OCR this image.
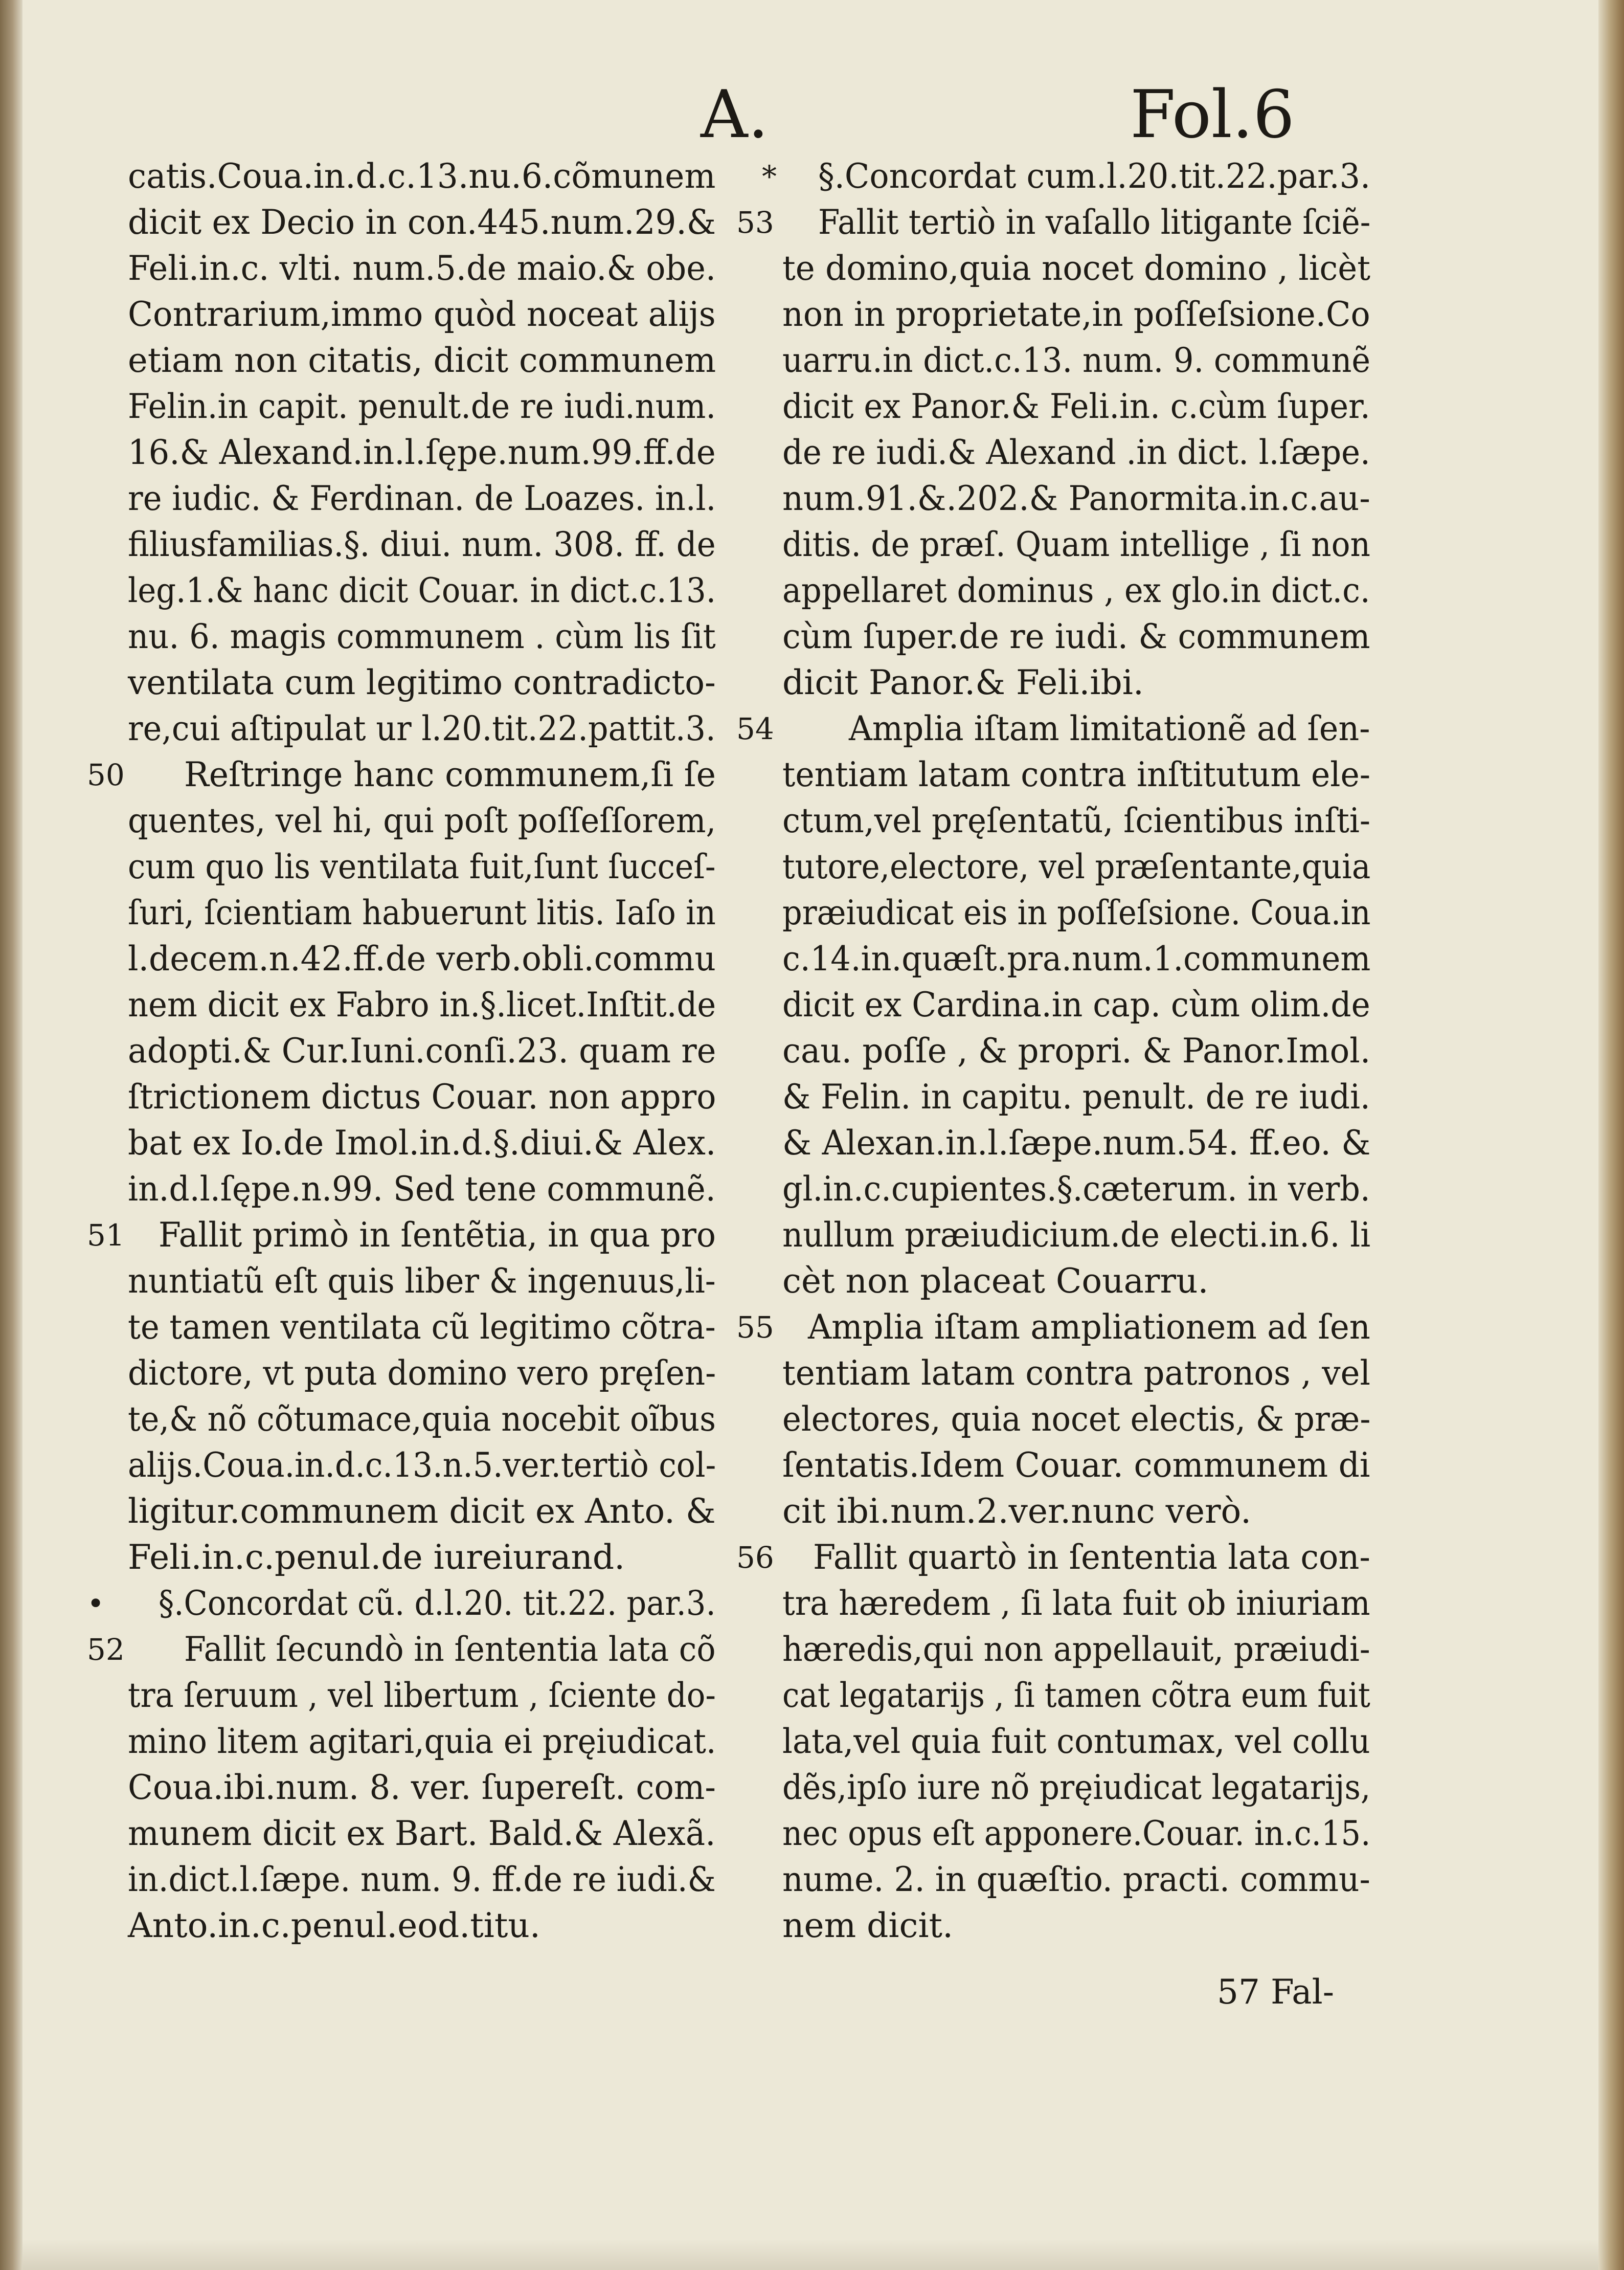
A.	Fol.6
catis.Coua.in.d.c.13.nu.6.cõmunem
dicit ex Decio in con.445.num.29.&
Feli.in.c. vlti. num.5.de maio.& obe.
Contrarium,immo quòd noceat alijs
etiam non citatis, dicit communem
Felin.in capit. penult.de re iudi.num.
16.& Alexand.in.l.ſępe.num.99.ff.de
re iudic. & Ferdinan. de Loazes. in.l.
filiusfamilias.§. diui. num. 308. ff. de
leg.1.& hanc dicit Couar. in dict.c.13.
nu. 6. magis communem . cùm lis ſit
ventilata cum legitimo contradicto-
re,cui aſtipulat ur l.20.tit.22.pattit.3.
Reſtringe hanc communem,ſi ſe
quentes, vel hi, qui poſt poſſeſſorem,
cum quo lis ventilata fuit,ſunt ſucceſ-
ſuri, ſcientiam habuerunt litis. Iaſo in
l.decem.n.42.ff.de verb.obli.commu
nem dicit ex Fabro in.§.licet.Inſtit.de
adopti.& Cur.Iuni.conſi.23. quam re
ſtrictionem dictus Couar. non appro
bat ex Io.de Imol.in.d.§.diui.& Alex.
in.d.l.ſępe.n.99. Sed tene communẽ.
Fallit primò in ſentẽtia, in qua pro
nuntiatũ eſt quis liber & ingenuus,li-
te tamen ventilata cũ legitimo cõtra-
dictore, vt puta domino vero pręſen-
te,& nõ cõtumace,quia nocebit oĩbus
alijs.Coua.in.d.c.13.n.5.ver.tertiò col-
ligitur.communem dicit ex Anto. &
Feli.in.c.penul.de iureiurand.
§.Concordat cũ. d.l.20. tit.22. par.3.
Fallit ſecundò in ſententia lata cõ
tra ſeruum , vel libertum , ſciente do-
mino litem agitari,quia ei pręiudicat.
Coua.ibi.num. 8. ver. ſupereſt. com-
munem dicit ex Bart. Bald.& Alexã.
in.dict.l.ſæpe. num. 9. ff.de re iudi.&
Anto.in.c.penul.eod.titu.
50
51
•
52
§.Concordat cum.l.20.tit.22.par.3.
Fallit tertiò in vaſallo litigante ſciẽ-
te domino,quia nocet domino , licèt
non in proprietate,in poſſeſsione.Co
uarru.in dict.c.13. num. 9. communẽ
dicit ex Panor.& Feli.in. c.cùm ſuper.
de re iudi.& Alexand .in dict. l.ſæpe.
num.91.&.202.& Panormita.in.c.au-
ditis. de præſ. Quam intellige , ſi non
appellaret dominus , ex glo.in dict.c.
cùm ſuper.de re iudi. & communem
dicit Panor.& Feli.ibi.
Amplia iſtam limitationẽ ad ſen-
tentiam latam contra inſtitutum ele-
ctum,vel pręſentatũ, ſcientibus inſti-
tutore,electore, vel præſentante,quia
præiudicat eis in poſſeſsione. Coua.in
c.14.in.quæſt.pra.num.1.communem
dicit ex Cardina.in cap. cùm olim.de
cau. poſſe , & propri. & Panor.Imol.
& Felin. in capitu. penult. de re iudi.
& Alexan.in.l.ſæpe.num.54. ff.eo. &
gl.in.c.cupientes.§.cæterum. in verb.
nullum præiudicium.de electi.in.6. li
cèt non placeat Couarru.
Amplia iſtam ampliationem ad ſen
tentiam latam contra patronos , vel
electores, quia nocet electis, & præ-
ſentatis.Idem Couar. communem di
cit ibi.num.2.ver.nunc verò.
Fallit quartò in ſententia lata con-
tra hæredem , ſi lata fuit ob iniuriam
hæredis,qui non appellauit, præiudi-
cat legatarijs , ſi tamen cõtra eum fuit
lata,vel quia fuit contumax, vel collu
dẽs,ipſo iure nõ pręiudicat legatarijs,
nec opus eſt apponere.Couar. in.c.15.
nume. 2. in quæſtio. practi. commu-
nem dicit.
*
53
54
55
56
57 Fal-
